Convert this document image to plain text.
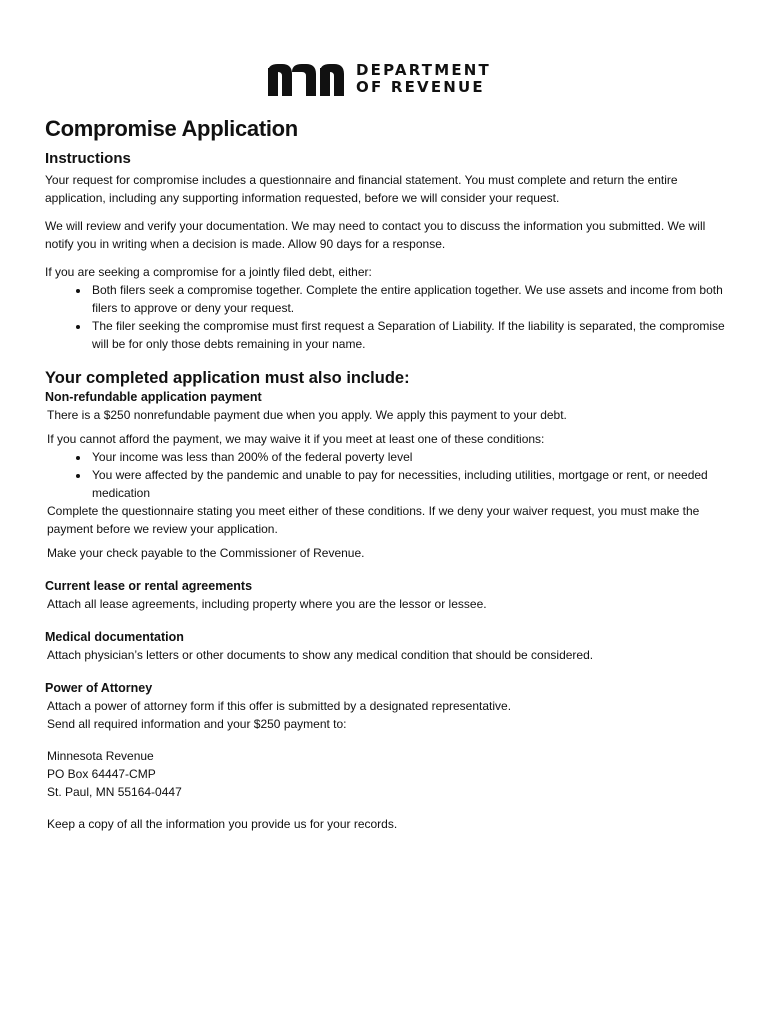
DEPARTMENT
OF REVENUE
Compromise Application
Instructions

Your request for compromise includes a questionnaire and financial statement. You must complete and return the entire application, including any supporting information requested, before we will consider your request.

We will review and verify your documentation. We may need to contact you to discuss the information you submitted. We will notify you in writing when a decision is made. Allow 90 days for a response.

If you are seeking a compromise for a jointly filed debt, either:

• Both filers seek a compromise together. Complete the entire application together. We use assets and income from both filers to approve or deny your request.
• The filer seeking the compromise must first request a Separation of Liability. If the liability is separated, the compromise will be for only those debts remaining in your name.
Your completed application must also include:
Non-refundable application payment

There is a $250 nonrefundable payment due when you apply. We apply this payment to your debt.

If you cannot afford the payment, we may waive it if you meet at least one of these conditions:

• Your income was less than 200% of the federal poverty level
• You were affected by the pandemic and unable to pay for necessities, including utilities, mortgage or rent, or needed medication

Complete the questionnaire stating you meet either of these conditions. If we deny your waiver request, you must make the payment before we review your application.

Make your check payable to the Commissioner of Revenue.

Current lease or rental agreements

Attach all lease agreements, including property where you are the lessor or lessee.

Medical documentation

Attach physician’s letters or other documents to show any medical condition that should be considered.

Power of Attorney

Attach a power of attorney form if this offer is submitted by a designated representative.

Send all required information and your $250 payment to:

Minnesota Revenue

PO Box 64447-CMP

St. Paul, MN 55164-0447

Keep a copy of all the information you provide us for your records.
